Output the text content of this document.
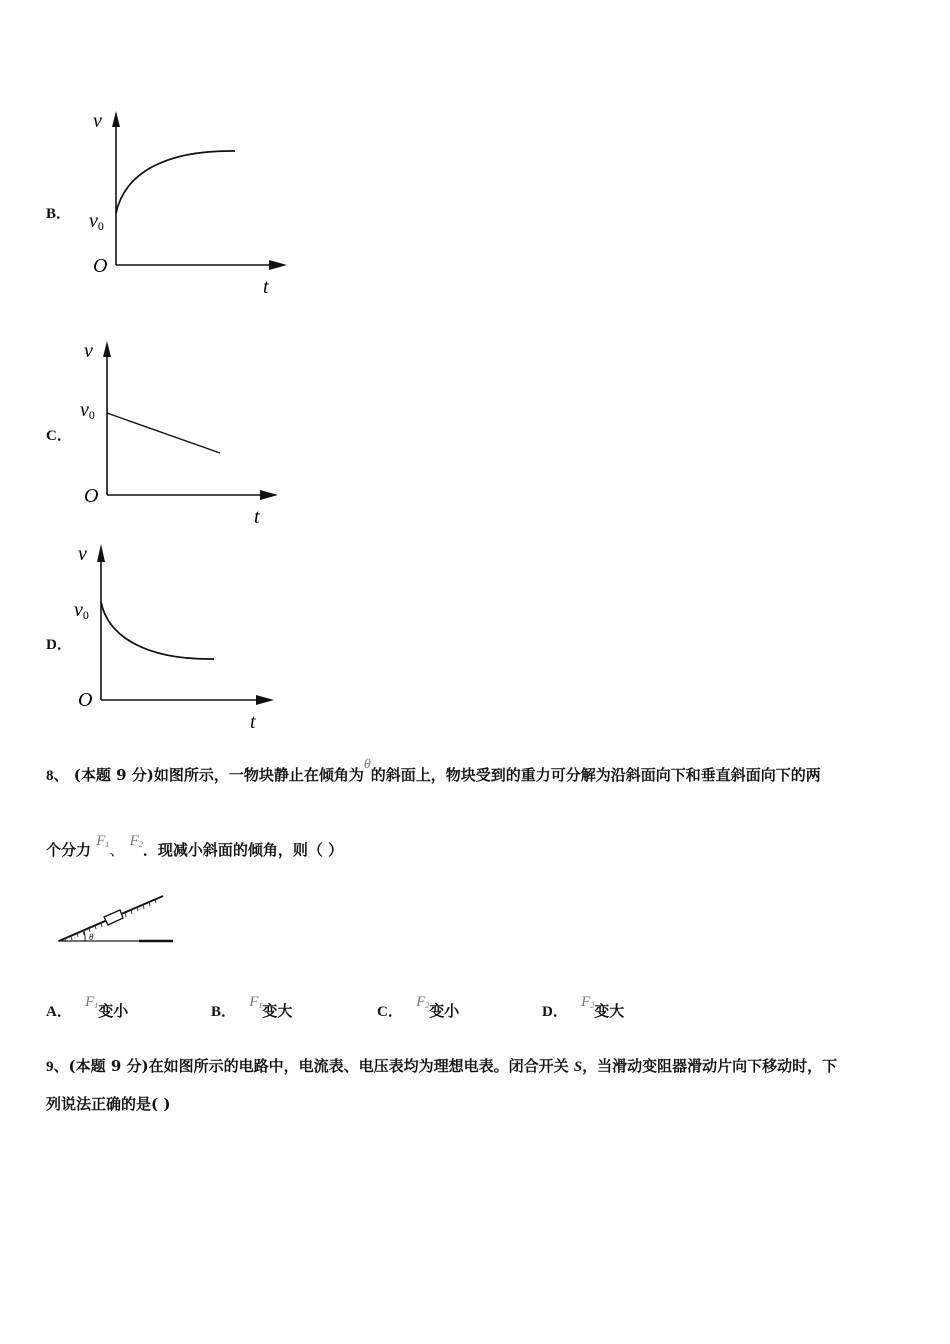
B．
v
v0
O
t
C．
v
v0
O
t
D．
v
v0
O
t
8、 (本题 9 分)如图所示，一物块静止在倾角为θ的斜面上，物块受到的重力可分解为沿斜面向下和垂直斜面向下的两
个分力 $F_1$、 $F_2$．现减小斜面的倾角，则（ ）
θ
A． $F_1$变小	B． $F_1$变大	C． $F_2$变小	D． $F_2$变大
9、(本题 9 分)在如图所示的电路中，电流表、电压表均为理想电表。闭合开关 S，当滑动变阻器滑动片向下移动时，下
列说法正确的是( )
